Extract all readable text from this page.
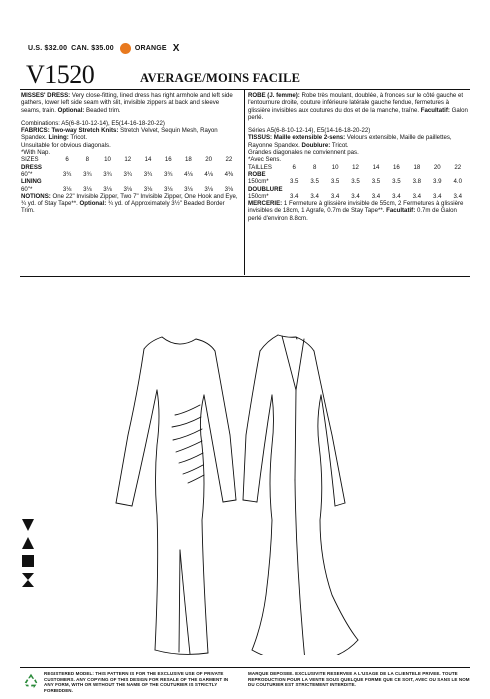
U.S. $32.00 CAN. $35.00	ORANGE X
V1520	AVERAGE/MOINS FACILE

MISSES' DRESS: Very close-fitting, lined dress has right armhole and left side gathers, lower left side seam with slit, invisible zippers at back and sleeve seams, train. Optional: Beaded trim.

Combinations: A5(6-8-10-12-14), E5(14-16-18-20-22)

FABRICS: Two-way Stretch Knits: Stretch Velvet, Sequin Mesh, Rayon Spandex. Lining: Tricot.

Unsuitable for obvious diagonals.

*With Nap.

SIZES	6	8	10	12	14	16	18	20	22
DRESS									
60"*	3¾	3¾	3¾	3¾	3¾	3¾	4⅛	4⅛	4⅜
LINING									
60"*	3⅛	3⅛	3⅛	3⅛	3⅛	3⅛	3⅛	3⅛	3⅛

NOTIONS: One 22" Invisible Zipper, Two 7" Invisible Zipper, One Hook and Eye, ¾ yd. of Stay Tape**. Optional: ¾ yd. of Approximately 3½" Beaded Border Trim.

ROBE (J. femme): Robe très moulant, doublée, à fronces sur le côté gauche et l'entournure droite, couture inférieure latérale gauche fendue, fermetures à glissière invisibles aux coutures du dos et de la manche, traîne. Facultatif: Galon perlé.

Séries A5(6-8-10-12-14), E5(14-16-18-20-22)

TISSUS: Maille extensible 2-sens: Velours extensible, Maille de paillettes, Rayonne Spandex. Doublure: Tricot.

Grandes diagonales ne conviennent pas.

*Avec Sens.

TAILLES	6	8	10	12	14	16	18	20	22
ROBE									
150cm*	3.5	3.5	3.5	3.5	3.5	3.5	3.8	3.9	4.0
DOUBLURE									
150cm*	3.4	3.4	3.4	3.4	3.4	3.4	3.4	3.4	3.4

MERCERIE: 1 Fermeture à glissière invisible de 55cm, 2 Fermetures à glissière invisibles de 18cm, 1 Agrafe, 0.7m de Stay Tape**. Facultatif: 0.7m de Galon perlé d'environ 8.8cm.

REGISTERED MODEL: THIS PATTERN IS FOR THE EXCLUSIVE USE OF PRIVATE CUSTOMERS. ANY COPYING OF THIS DESIGN FOR RESALE OF THE GARMENT IN ANY FORM, WITH OR WITHOUT THE NAME OF THE COUTURIER IS STRICTLY FORBIDDEN.
MARQUE DEPOSEE. EXCLUSIVITE RESERVEE A L'USAGE DE LA CLIENTELE PRIVEE. TOUTE REPRODUCTION POUR LA VENTE SOUS QUELQUE FORME QUE CE SOIT, AVEC OU SANS LE NOM DU COUTURIER EST STRICTEMENT INTERDITE.
